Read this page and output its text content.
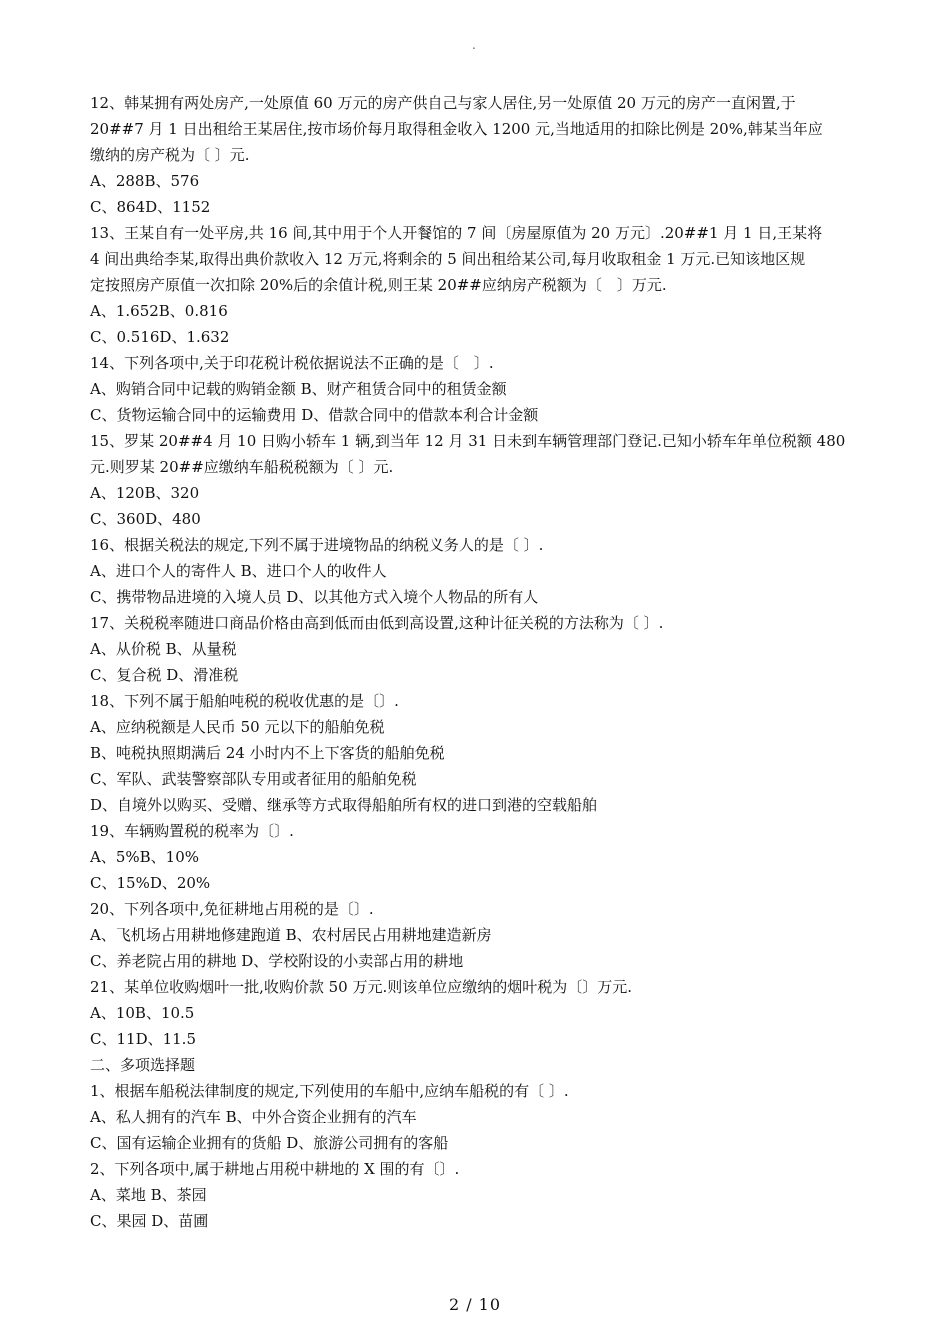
.
12、韩某拥有两处房产,一处原值 60 万元的房产供自己与家人居住,另一处原值 20 万元的房产一直闲置,于
20##7 月 1 日出租给王某居住,按市场价每月取得租金收入 1200 元,当地适用的扣除比例是 20%,韩某当年应
缴纳的房产税为〔 〕元.
A、288B、576
C、864D、1152
13、王某自有一处平房,共 16 间,其中用于个人开餐馆的 7 间〔房屋原值为 20 万元〕.20##1 月 1 日,王某将
4 间出典给李某,取得出典价款收入 12 万元,将剩余的 5 间出租给某公司,每月收取租金 1 万元.已知该地区规
定按照房产原值一次扣除 20%后的余值计税,则王某 20##应纳房产税额为〔　〕万元.
A、1.652B、0.816
C、0.516D、1.632
14、下列各项中,关于印花税计税依据说法不正确的是〔　〕.
A、购销合同中记载的购销金额 B、财产租赁合同中的租赁金额
C、货物运输合同中的运输费用 D、借款合同中的借款本利合计金额
15、罗某 20##4 月 10 日购小轿车 1 辆,到当年 12 月 31 日未到车辆管理部门登记.已知小轿车年单位税额 480
元.则罗某 20##应缴纳车船税税额为〔 〕元.
A、120B、320
C、360D、480
16、根据关税法的规定,下列不属于进境物品的纳税义务人的是〔 〕.
A、进口个人的寄件人 B、进口个人的收件人
C、携带物品进境的入境人员 D、以其他方式入境个人物品的所有人
17、关税税率随进口商品价格由高到低而由低到高设置,这种计征关税的方法称为〔 〕.
A、从价税 B、从量税
C、复合税 D、滑准税
18、下列不属于船舶吨税的税收优惠的是〔〕.
A、应纳税额是人民币 50 元以下的船舶免税
B、吨税执照期满后 24 小时内不上下客货的船舶免税
C、军队、武装警察部队专用或者征用的船舶免税
D、自境外以购买、受赠、继承等方式取得船舶所有权的进口到港的空载船舶
19、车辆购置税的税率为〔〕.
A、5%B、10%
C、15%D、20%
20、下列各项中,免征耕地占用税的是〔〕.
A、飞机场占用耕地修建跑道 B、农村居民占用耕地建造新房
C、养老院占用的耕地 D、学校附设的小卖部占用的耕地
21、某单位收购烟叶一批,收购价款 50 万元.则该单位应缴纳的烟叶税为〔〕万元.
A、10B、10.5
C、11D、11.5
二、多项选择题
1、根据车船税法律制度的规定,下列使用的车船中,应纳车船税的有〔 〕.
A、私人拥有的汽车 B、中外合资企业拥有的汽车
C、国有运输企业拥有的货船 D、旅游公司拥有的客船
2、下列各项中,属于耕地占用税中耕地的 X 围的有〔〕.
A、菜地 B、茶园
C、果园 D、苗圃
2 / 10
